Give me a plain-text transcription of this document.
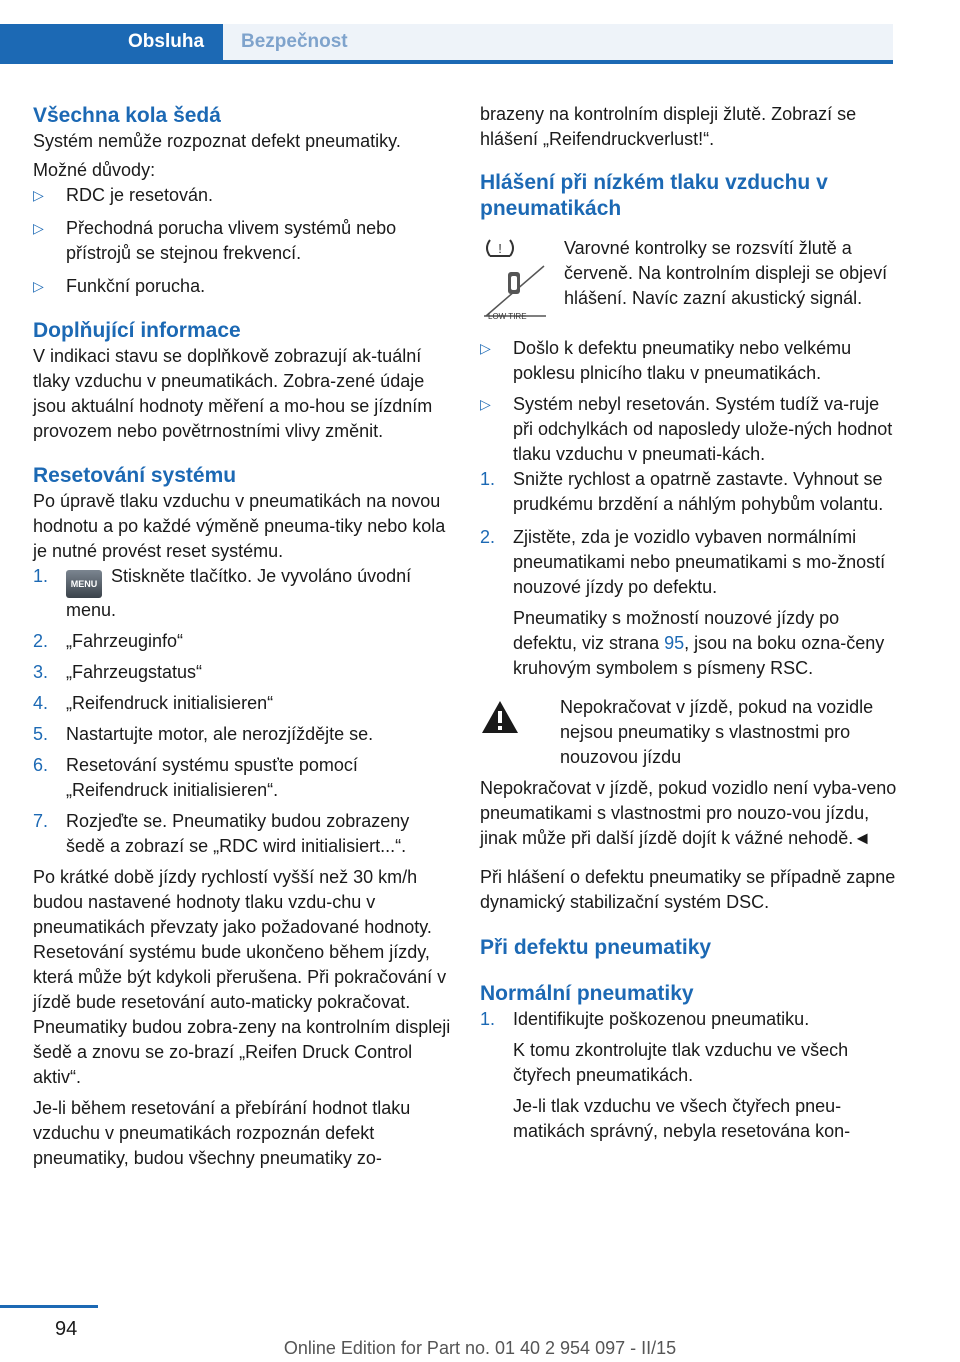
Obsluha	Bezpečnost
Všechna kola šedá

Systém nemůže rozpoznat defekt pneumatiky.

Možné důvody:

▷ RDC je resetován.
▷ Přechodná porucha vlivem systémů nebo přístrojů se stejnou frekvencí.
▷ Funkční porucha.
Doplňující informace

V indikaci stavu se doplňkově zobrazují ak-tuální tlaky vzduchu v pneumatikách. Zobra-zené údaje jsou aktuální hodnoty měření a mo-hou se jízdním provozem nebo povětrnostními vlivy změnit.

Resetování systému

Po úpravě tlaku vzduchu v pneumatikách na novou hodnotu a po každé výměně pneuma-tiky nebo kola je nutné provést reset systému.

1.	MENU Stiskněte tlačítko. Je vyvoláno úvodní menu.
2. „Fahrzeuginfo“
3. „Fahrzeugstatus“
4. „Reifendruck initialisieren“
5. Nastartujte motor, ale nerozjíždějte se.
6. Resetování systému spusťte pomocí „Reifendruck initialisieren“.
7. Rozjeďte se. Pneumatiky budou zobrazeny šedě a zobrazí se „RDC wird initialisiert...“.

Po krátké době jízdy rychlostí vyšší než 30 km/h budou nastavené hodnoty tlaku vzdu-chu v pneumatikách převzaty jako požadované hodnoty. Resetování systému bude ukončeno během jízdy, která může být kdykoli přerušena. Při pokračování v jízdě bude resetování auto-maticky pokračovat. Pneumatiky budou zobra-zeny na kontrolním displeji šedě a znovu se zo-brazí „Reifen Druck Control aktiv“.

Je-li během resetování a přebírání hodnot tlaku vzduchu v pneumatikách rozpoznán defekt pneumatiky, budou všechny pneumatiky zo-

brazeny na kontrolním displeji žlutě. Zobrazí se hlášení „Reifendruckverlust!“.

Hlášení při nízkém tlaku vzduchu v pneumatikách
!
LOW TIRE

Varovné kontrolky se rozsvítí žlutě a červeně. Na kontrolním displeji se objeví hlášení. Navíc zazní akustický signál.

▷ Došlo k defektu pneumatiky nebo velkému poklesu plnicího tlaku v pneumatikách.
▷ Systém nebyl resetován. Systém tudíž va-ruje při odchylkách od naposledy ulože-ných hodnot tlaku vzduchu v pneumati-kách.
1. Snižte rychlost a opatrně zastavte. Vyhnout se prudkému brzdění a náhlým pohybům volantu.
2. Zjistěte, zda je vozidlo vybaven normálními pneumatikami nebo pneumatikami s mo-žností nouzové jízdy po defektu.

Pneumatiky s možností nouzové jízdy po defektu, viz strana 95, jsou na boku ozna-čeny kruhovým symbolem s písmeny RSC.

Nepokračovat v jízdě, pokud na vozidle nejsou pneumatiky s vlastnostmi pro nouzovou jízdu

Nepokračovat v jízdě, pokud vozidlo není vyba-veno pneumatikami s vlastnostmi pro nouzo-vou jízdu, jinak může při další jízdě dojít k vážné nehodě.◄

Při hlášení o defektu pneumatiky se případně zapne dynamický stabilizační systém DSC.

Při defektu pneumatiky
Normální pneumatiky
1. Identifikujte poškozenou pneumatiku.

K tomu zkontrolujte tlak vzduchu ve všech čtyřech pneumatikách.

Je-li tlak vzduchu ve všech čtyřech pneu-matikách správný, nebyla resetována kon-

94
Online Edition for Part no. 01 40 2 954 097 - II/15
